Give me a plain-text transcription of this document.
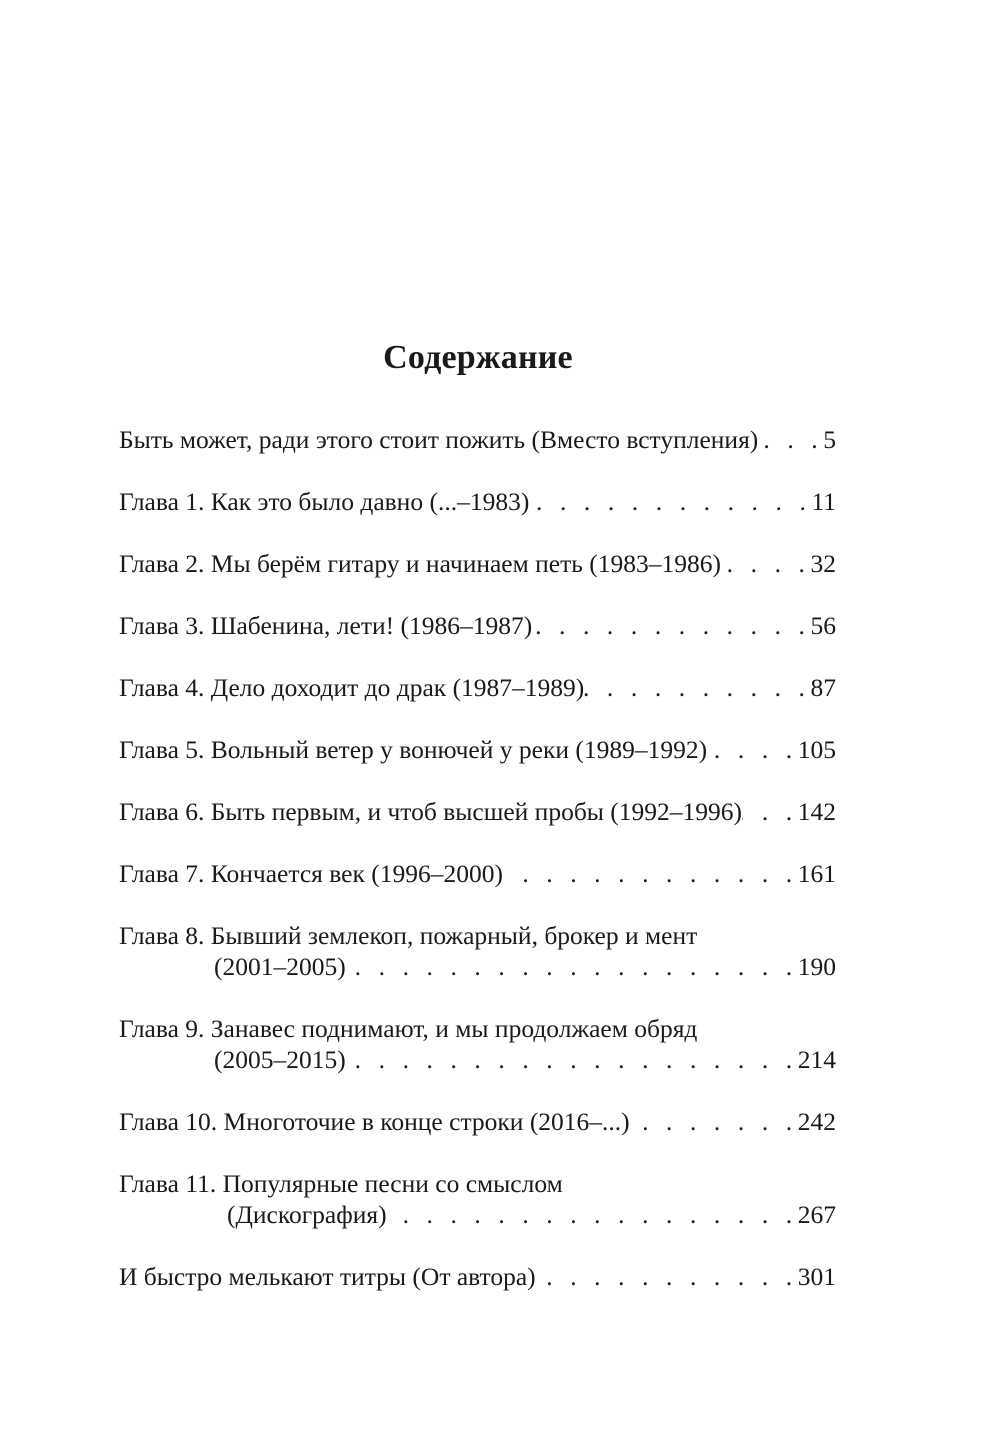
Содержание
Быть может, ради этого стоит пожить (Вместо вступления) . . .	5
Глава 1. Как это было давно (...–1983) . . .	11
Глава 2. Мы берём гитару и начинаем петь (1983–1986) . . .	32
Глава 3. Шабенина, лети! (1986–1987) . . .	56
Глава 4. Дело доходит до драк (1987–1989) . . .	87
Глава 5. Вольный ветер у вонючей у реки (1989–1992) . . .	105
Глава 6. Быть первым, и чтоб высшей пробы (1992–1996) . . . 142
Глава 7. Кончается век (1996–2000) . . .	161
Глава 8. Бывший землекоп, пожарный, брокер и мент
(2001–2005) . . .	190
Глава 9. Занавес поднимают, и мы продолжаем обряд
(2005–2015) . . .	214
Глава 10. Многоточие в конце строки (2016–...) . . .	242
Глава 11. Популярные песни со смыслом
(Дискография) . . .	267
И быстро мелькают титры (От автора) . . .	301
